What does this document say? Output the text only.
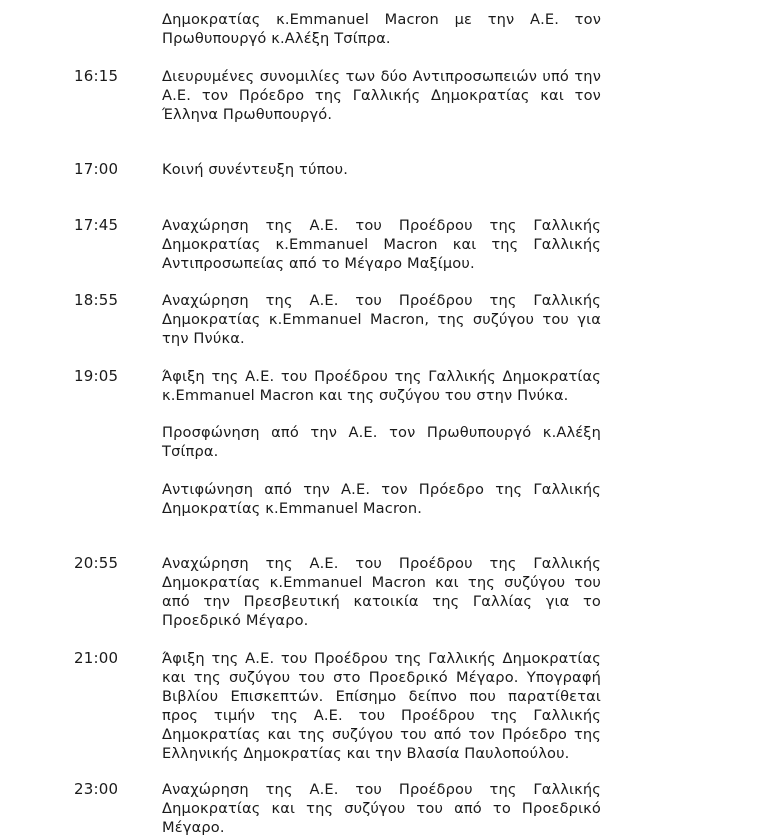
Δημοκρατίας κ.Emmanuel Macron με την Α.Ε. τον Πρωθυπουργό κ.Αλέξη Τσίπρα.
16:15	Διευρυμένες συνομιλίες των δύο Αντιπροσωπειών υπό την Α.Ε. τον Πρόεδρο της Γαλλικής Δημοκρατίας και τον Έλληνα Πρωθυπουργό.
17:00	Κοινή συνέντευξη τύπου.
17:45	Αναχώρηση της Α.Ε. του Προέδρου της Γαλλικής Δημοκρατίας κ.Emmanuel Macron και της Γαλλικής Αντιπροσωπείας από το Μέγαρο Μαξίμου.
18:55	Αναχώρηση της Α.Ε. του Προέδρου της Γαλλικής Δημοκρατίας κ.Emmanuel Macron, της συζύγου του για την Πνύκα.
19:05	Άφιξη της Α.Ε. του Προέδρου της Γαλλικής Δημοκρατίας κ.Emmanuel Macron και της συζύγου του στην Πνύκα.
Προσφώνηση από την Α.Ε. τον Πρωθυπουργό κ.Αλέξη Τσίπρα.
Αντιφώνηση από την Α.Ε. τον Πρόεδρο της Γαλλικής Δημοκρατίας κ.Emmanuel Macron.
20:55	Αναχώρηση της Α.Ε. του Προέδρου της Γαλλικής Δημοκρατίας κ.Emmanuel Macron και της συζύγου του από την Πρεσβευτική κατοικία της Γαλλίας για το Προεδρικό Μέγαρο.
21:00	Άφιξη της Α.Ε. του Προέδρου της Γαλλικής Δημοκρατίας και της συζύγου του στο Προεδρικό Μέγαρο. Υπογραφή Βιβλίου Επισκεπτών. Επίσημο δείπνο που παρατίθεται προς τιμήν της Α.Ε. του Προέδρου της Γαλλικής Δημοκρατίας και της συζύγου του από τον Πρόεδρο της Ελληνικής Δημοκρατίας και την Βλασία Παυλοπούλου.
23:00	Αναχώρηση της Α.Ε. του Προέδρου της Γαλλικής Δημοκρατίας και της συζύγου του από το Προεδρικό Μέγαρο.
